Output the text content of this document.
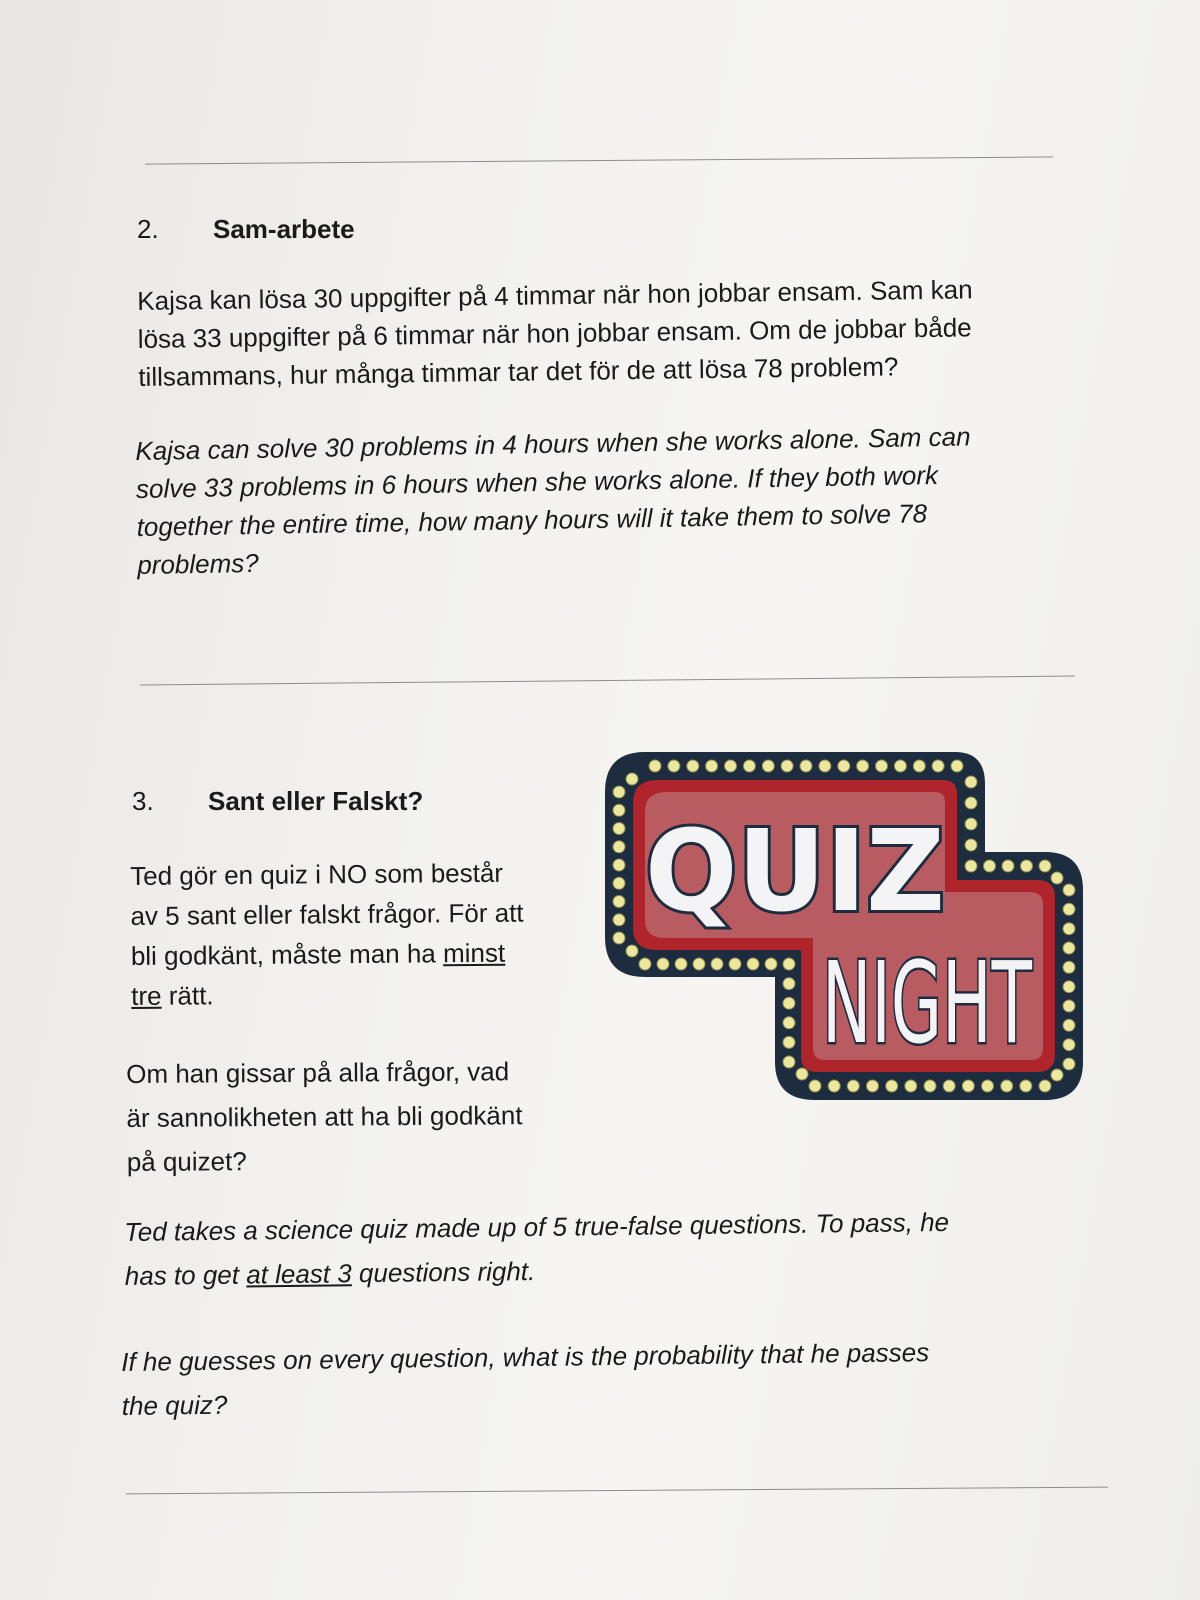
2. Sam-arbete
Kajsa kan lösa 30 uppgifter på 4 timmar när hon jobbar ensam. Sam kan
lösa 33 uppgifter på 6 timmar när hon jobbar ensam. Om de jobbar både
tillsammans, hur många timmar tar det för de att lösa 78 problem?
Kajsa can solve 30 problems in 4 hours when she works alone. Sam can
solve 33 problems in 6 hours when she works alone. If they both work
together the entire time, how many hours will it take them to solve 78
problems?
3. Sant eller Falskt?
Ted gör en quiz i NO som består
av 5 sant eller falskt frågor. För att
bli godkänt, måste man ha minst
tre rätt.
Om han gissar på alla frågor, vad
är sannolikheten att ha bli godkänt
på quizet?
Ted takes a science quiz made up of 5 true-false questions. To pass, he
has to get at least 3 questions right.
If he guesses on every question, what is the probability that he passes
the quiz?
QUIZ
NIGHT
